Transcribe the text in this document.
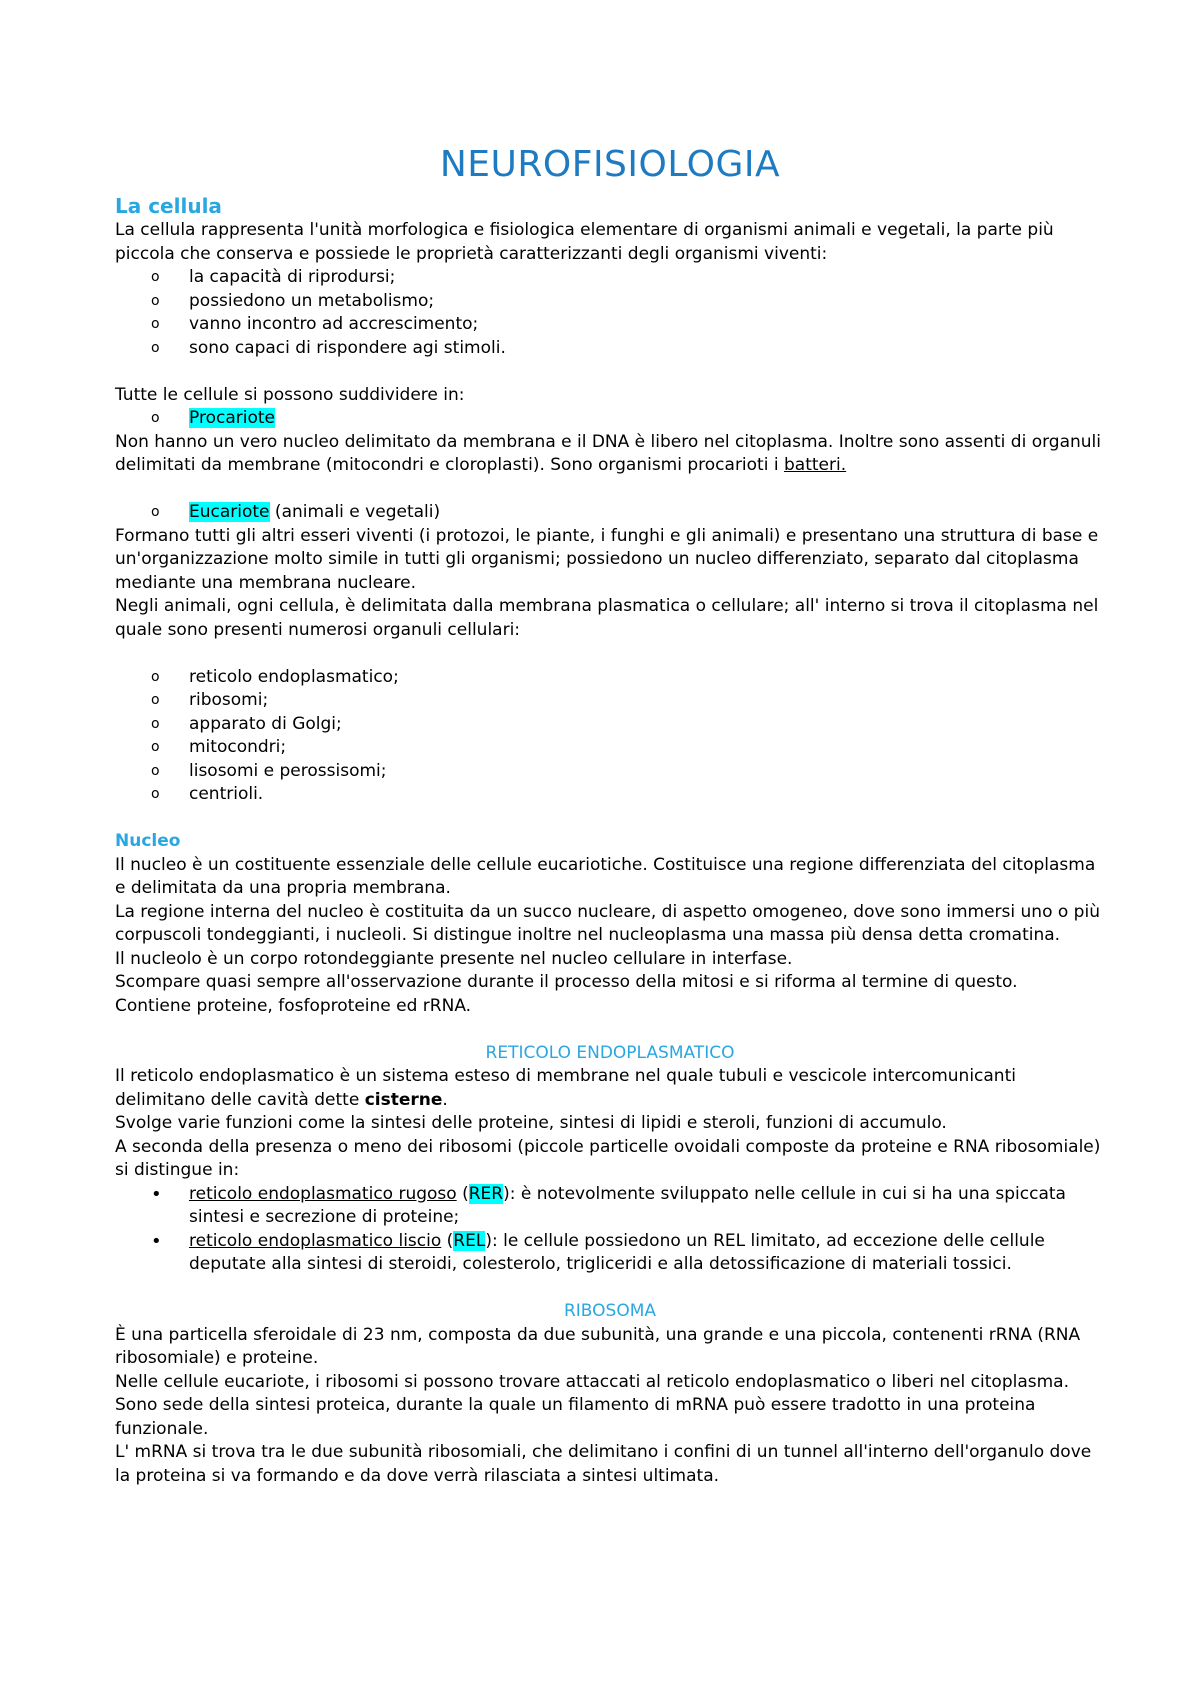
NEUROFISIOLOGIA
La cellula

La cellula rappresenta l'unità morfologica e fisiologica elementare di organismi animali e vegetali, la parte più piccola che conserva e possiede le proprietà caratterizzanti degli organismi viventi:

o la capacità di riprodursi;
o possiedono un metabolismo;
o vanno incontro ad accrescimento;
o sono capaci di rispondere agi stimoli.

Tutte le cellule si possono suddividere in:

o Procariote

Non hanno un vero nucleo delimitato da membrana e il DNA è libero nel citoplasma. Inoltre sono assenti di organuli delimitati da membrane (mitocondri e cloroplasti). Sono organismi procarioti i batteri.

o Eucariote (animali e vegetali)

Formano tutti gli altri esseri viventi (i protozoi, le piante, i funghi e gli animali) e presentano una struttura di base e un'organizzazione molto simile in tutti gli organismi; possiedono un nucleo differenziato, separato dal citoplasma mediante una membrana nucleare.

Negli animali, ogni cellula, è delimitata dalla membrana plasmatica o cellulare; all' interno si trova il citoplasma nel quale sono presenti numerosi organuli cellulari:

o reticolo endoplasmatico;
o ribosomi;
o apparato di Golgi;
o mitocondri;
o lisosomi e perossisomi;
o centrioli.
Nucleo

Il nucleo è un costituente essenziale delle cellule eucariotiche. Costituisce una regione differenziata del citoplasma e delimitata da una propria membrana.

La regione interna del nucleo è costituita da un succo nucleare, di aspetto omogeneo, dove sono immersi uno o più corpuscoli tondeggianti, i nucleoli. Si distingue inoltre nel nucleoplasma una massa più densa detta cromatina.

Il nucleolo è un corpo rotondeggiante presente nel nucleo cellulare in interfase.

Scompare quasi sempre all'osservazione durante il processo della mitosi e si riforma al termine di questo.

Contiene proteine, fosfoproteine ed rRNA.

RETICOLO ENDOPLASMATICO

Il reticolo endoplasmatico è un sistema esteso di membrane nel quale tubuli e vescicole intercomunicanti delimitano delle cavità dette cisterne.

Svolge varie funzioni come la sintesi delle proteine, sintesi di lipidi e steroli, funzioni di accumulo.

A seconda della presenza o meno dei ribosomi (piccole particelle ovoidali composte da proteine e RNA ribosomiale) si distingue in:

• reticolo endoplasmatico rugoso (RER): è notevolmente sviluppato nelle cellule in cui si ha una spiccata sintesi e secrezione di proteine;
• reticolo endoplasmatico liscio (REL): le cellule possiedono un REL limitato, ad eccezione delle cellule deputate alla sintesi di steroidi, colesterolo, trigliceridi e alla detossificazione di materiali tossici.
RIBOSOMA

È una particella sferoidale di 23 nm, composta da due subunità, una grande e una piccola, contenenti rRNA (RNA ribosomiale) e proteine.

Nelle cellule eucariote, i ribosomi si possono trovare attaccati al reticolo endoplasmatico o liberi nel citoplasma.

Sono sede della sintesi proteica, durante la quale un filamento di mRNA può essere tradotto in una proteina funzionale.

L' mRNA si trova tra le due subunità ribosomiali, che delimitano i confini di un tunnel all'interno dell'organulo dove la proteina si va formando e da dove verrà rilasciata a sintesi ultimata.
